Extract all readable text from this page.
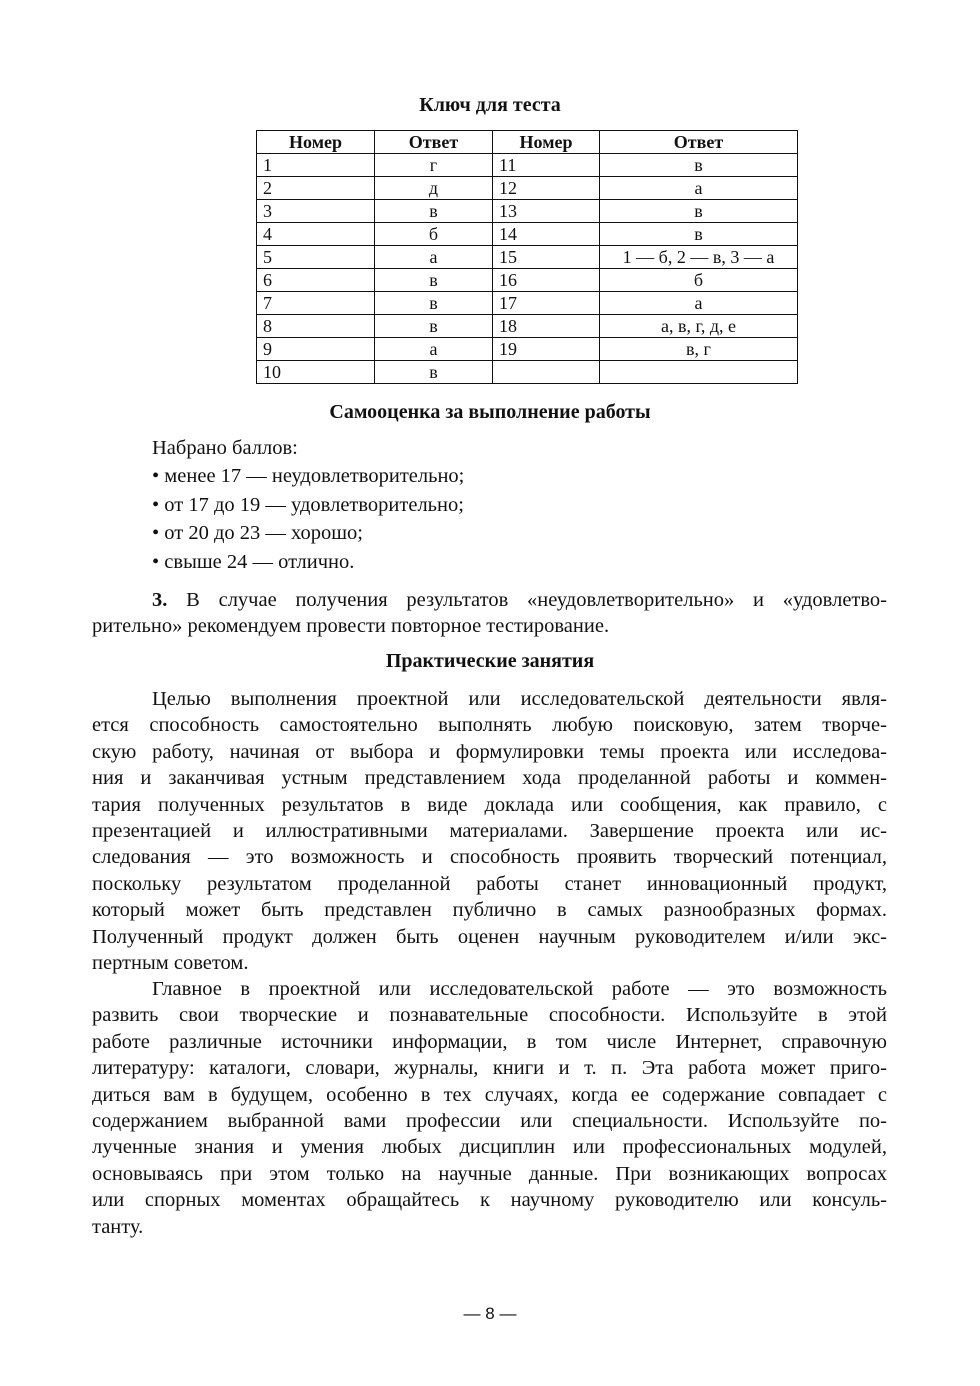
Ключ для теста
Номер	Ответ	Номер	Ответ
1	г	11	в
2	д	12	а
3	в	13	в
4	б	14	в
5	а	15	1 — б, 2 — в, 3 — а
6	в	16	б
7	в	17	а
8	в	18	а, в, г, д, е
9	а	19	в, г
10	в		
Самооценка за выполнение работы
Набрано баллов:
• менее 17 — неудовлетворительно;
• от 17 до 19 — удовлетворительно;
• от 20 до 23 — хорошо;
• свыше 24 — отлично.
3. В случае получения результатов «неудовлетворительно» и «удовлетво-
рительно» рекомендуем провести повторное тестирование.
Практические занятия
Целью выполнения проектной или исследовательской деятельности явля-
ется способность самостоятельно выполнять любую поисковую, затем творче-
скую работу, начиная от выбора и формулировки темы проекта или исследова-
ния и заканчивая устным представлением хода проделанной работы и коммен-
тария полученных результатов в виде доклада или сообщения, как правило, с
презентацией и иллюстративными материалами. Завершение проекта или ис-
следования — это возможность и способность проявить творческий потенциал,
поскольку результатом проделанной работы станет инновационный продукт,
который может быть представлен публично в самых разнообразных формах.
Полученный продукт должен быть оценен научным руководителем и/или экс-
пертным советом.
Главное в проектной или исследовательской работе — это возможность
развить свои творческие и познавательные способности. Используйте в этой
работе различные источники информации, в том числе Интернет, справочную
литературу: каталоги, словари, журналы, книги и т. п. Эта работа может приго-
диться вам в будущем, особенно в тех случаях, когда ее содержание совпадает с
содержанием выбранной вами профессии или специальности. Используйте по-
лученные знания и умения любых дисциплин или профессиональных модулей,
основываясь при этом только на научные данные. При возникающих вопросах
или спорных моментах обращайтесь к научному руководителю или консуль-
танту.
— 8 —
